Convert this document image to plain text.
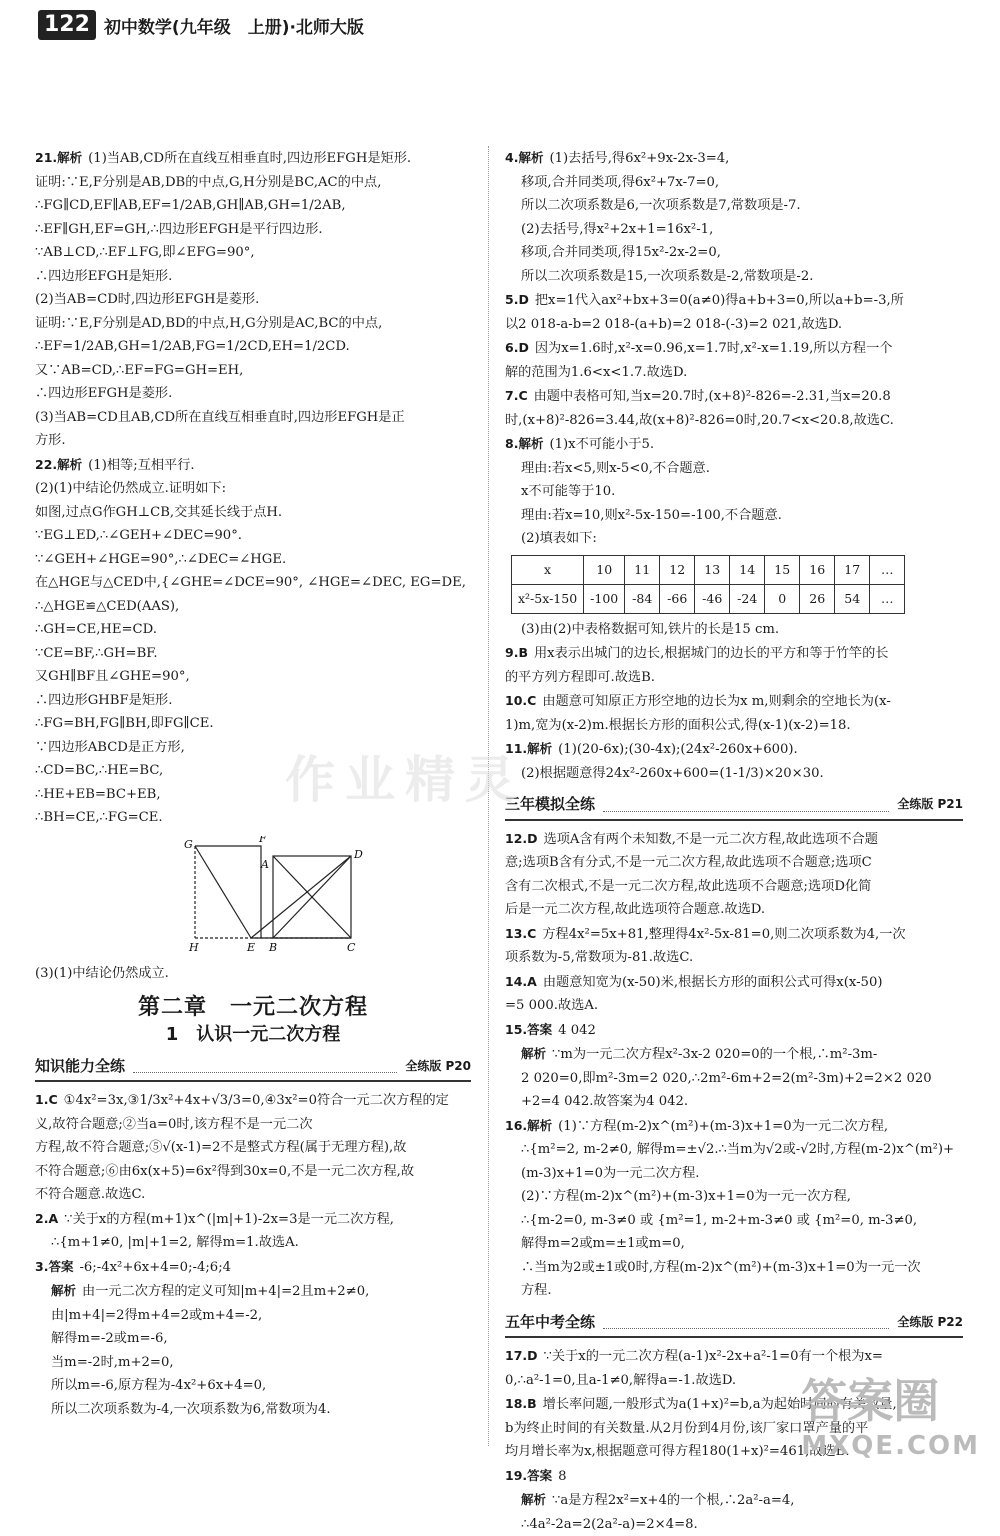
122 初中数学(九年级　上册)·北师大版
21.解析 (1)当AB,CD所在直线互相垂直时,四边形EFGH是矩形.
证明:∵E,F分别是AB,DB的中点,G,H分别是BC,AC的中点,
∴FG∥CD,EF∥AB,EF=1/2AB,GH∥AB,GH=1/2AB,
∴EF∥GH,EF=GH,∴四边形EFGH是平行四边形.
∵AB⊥CD,∴EF⊥FG,即∠EFG=90°,
∴四边形EFGH是矩形.
(2)当AB=CD时,四边形EFGH是菱形.
证明:∵E,F分别是AD,BD的中点,H,G分别是AC,BC的中点,
∴EF=1/2AB,GH=1/2AB,FG=1/2CD,EH=1/2CD.
又∵AB=CD,∴EF=FG=GH=EH,
∴四边形EFGH是菱形.
(3)当AB=CD且AB,CD所在直线互相垂直时,四边形EFGH是正
方形.
22.解析 (1)相等;互相平行.
(2)(1)中结论仍然成立.证明如下:
如图,过点G作GH⊥CB,交其延长线于点H.
∵EG⊥ED,∴∠GEH+∠DEC=90°.
∵∠GEH+∠HGE=90°,∴∠DEC=∠HGE.
在△HGE与△CED中,{∠GHE=∠DCE=90°, ∠HGE=∠DEC, EG=DE,
∴△HGE≌△CED(AAS),
∴GH=CE,HE=CD.
∵CE=BF,∴GH=BF.
又GH∥BF且∠GHE=90°,
∴四边形GHBF是矩形.
∴FG=BH,FG∥BH,即FG∥CE.
∵四边形ABCD是正方形,
∴CD=BC,∴HE=BC,
∴HE+EB=BC+EB,
∴BH=CE,∴FG=CE.
G	F
D
A
H	E B	C
(3)(1)中结论仍然成立.
第二章　一元二次方程
1　认识一元二次方程
知识能力全练	全练版 P20
1.C ①4x²=3x,③1/3x²+4x+√3/3=0,④3x²=0符合一元二次方程的定
义,故符合题意;②当a=0时,该方程不是一元二次
方程,故不符合题意;⑤√(x-1)=2不是整式方程(属于无理方程),故
不符合题意;⑥由6x(x+5)=6x²得到30x=0,不是一元二次方程,故
不符合题意.故选C.
2.A ∵关于x的方程(m+1)x^(|m|+1)-2x=3是一元二次方程,
∴{m+1≠0, |m|+1=2, 解得m=1.故选A.
3.答案 -6;-4x²+6x+4=0;-4;6;4
解析 由一元二次方程的定义可知|m+4|=2且m+2≠0,
由|m+4|=2得m+4=2或m+4=-2,
解得m=-2或m=-6,
当m=-2时,m+2=0,
所以m=-6,原方程为-4x²+6x+4=0,
所以二次项系数为-4,一次项系数为6,常数项为4.
4.解析 (1)去括号,得6x²+9x-2x-3=4,
移项,合并同类项,得6x²+7x-7=0,
所以二次项系数是6,一次项系数是7,常数项是-7.
(2)去括号,得x²+2x+1=16x²-1,
移项,合并同类项,得15x²-2x-2=0,
所以二次项系数是15,一次项系数是-2,常数项是-2.
5.D 把x=1代入ax²+bx+3=0(a≠0)得a+b+3=0,所以a+b=-3,所
以2 018-a-b=2 018-(a+b)=2 018-(-3)=2 021,故选D.
6.D 因为x=1.6时,x²-x=0.96,x=1.7时,x²-x=1.19,所以方程一个
解的范围为1.6<x<1.7.故选D.
7.C 由题中表格可知,当x=20.7时,(x+8)²-826=-2.31,当x=20.8
时,(x+8)²-826=3.44,故(x+8)²-826=0时,20.7<x<20.8,故选C.
8.解析 (1)x不可能小于5.
理由:若x<5,则x-5<0,不合题意.
x不可能等于10.
理由:若x=10,则x²-5x-150=-100,不合题意.
(2)填表如下:
x	10	11	12	13	14	15	16	17	…
x²-5x-150	-100	-84	-66	-46	-24	0	26	54	…
(3)由(2)中表格数据可知,铁片的长是15 cm.
9.B 用x表示出城门的边长,根据城门的边长的平方和等于竹竿的长
的平方列方程即可.故选B.
10.C 由题意可知原正方形空地的边长为x m,则剩余的空地长为(x-
1)m,宽为(x-2)m.根据长方形的面积公式,得(x-1)(x-2)=18.
11.解析 (1)(20-6x);(30-4x);(24x²-260x+600).
(2)根据题意得24x²-260x+600=(1-1/3)×20×30.
三年模拟全练	全练版 P21
12.D 选项A含有两个未知数,不是一元二次方程,故此选项不合题
意;选项B含有分式,不是一元二次方程,故此选项不合题意;选项C
含有二次根式,不是一元二次方程,故此选项不合题意;选项D化简
后是一元二次方程,故此选项符合题意.故选D.
13.C 方程4x²=5x+81,整理得4x²-5x-81=0,则二次项系数为4,一次
项系数为-5,常数项为-81.故选C.
14.A 由题意知宽为(x-50)米,根据长方形的面积公式可得x(x-50)
=5 000.故选A.
15.答案 4 042
解析 ∵m为一元二次方程x²-3x-2 020=0的一个根,∴m²-3m-
2 020=0,即m²-3m=2 020,∴2m²-6m+2=2(m²-3m)+2=2×2 020
+2=4 042.故答案为4 042.
16.解析 (1)∵方程(m-2)x^(m²)+(m-3)x+1=0为一元二次方程,
∴{m²=2, m-2≠0, 解得m=±√2.∴当m为√2或-√2时,方程(m-2)x^(m²)+
(m-3)x+1=0为一元二次方程.
(2)∵方程(m-2)x^(m²)+(m-3)x+1=0为一元一次方程,
∴{m-2=0, m-3≠0 或 {m²=1, m-2+m-3≠0 或 {m²=0, m-3≠0,
解得m=2或m=±1或m=0,
∴当m为2或±1或0时,方程(m-2)x^(m²)+(m-3)x+1=0为一元一次
方程.
五年中考全练	全练版 P22
17.D ∵关于x的一元二次方程(a-1)x²-2x+a²-1=0有一个根为x=
0,∴a²-1=0,且a-1≠0,解得a=-1.故选D.
18.B 增长率问题,一般形式为a(1+x)²=b,a为起始时间的有关数量,
b为终止时间的有关数量.从2月份到4月份,该厂家口罩产量的平
均月增长率为x,根据题意可得方程180(1+x)²=461,故选B.
19.答案 8
解析 ∵a是方程2x²=x+4的一个根,∴2a²-a=4,
∴4a²-2a=2(2a²-a)=2×4=8.
作业精灵
答案圈
MXQE.COM
